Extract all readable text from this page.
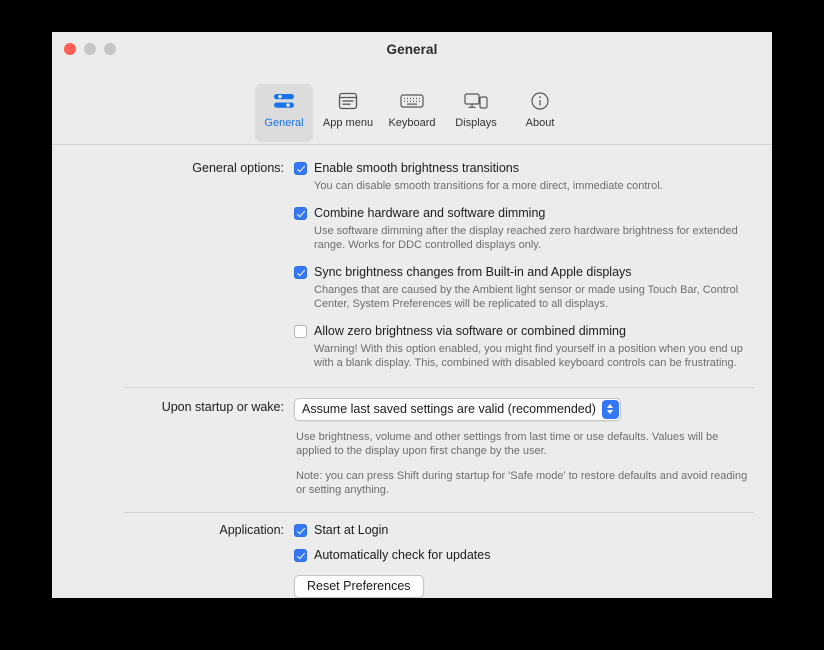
General
General App menu Keyboard Displays	About
General options:	Enable smooth brightness transitions
You can disable smooth transitions for a more direct, immediate control.
Combine hardware and software dimming
Use software dimming after the display reached zero hardware brightness for extended range. Works for DDC controlled displays only.
Sync brightness changes from Built-in and Apple displays
Changes that are caused by the Ambient light sensor or made using Touch Bar, Control Center, System Preferences will be replicated to all displays.
Allow zero brightness via software or combined dimming
Warning! With this option enabled, you might find yourself in a position when you end up with a blank display. This, combined with disabled keyboard controls can be frustrating.
Upon startup or wake:	Assume last saved settings are valid (recommended)
Use brightness, volume and other settings from last time or use defaults. Values will be applied to the display upon first change by the user.
Note: you can press Shift during startup for 'Safe mode' to restore defaults and avoid reading or setting anything.
Application:	Start at Login
Automatically check for updates
Reset Preferences
